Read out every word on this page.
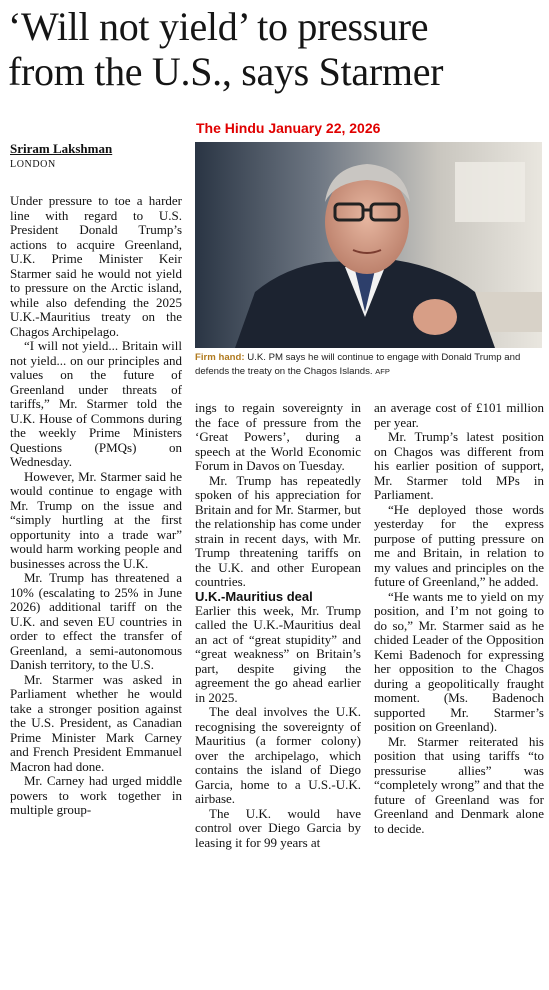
‘Will not yield’ to pressure
from the U.S., says Starmer
The Hindu January 22, 2026
Sriram Lakshman
LONDON
Firm hand: U.K. PM says he will continue to engage with Donald Trump and defends the treaty on the Chagos Islands. AFP

Under pressure to toe a harder line with regard to U.S. President Donald Trump’s actions to acquire Greenland, U.K. Prime Minister Keir Starmer said he would not yield to pressure on the Arctic island, while also defending the 2025 U.K.-Mauritius treaty on the Chagos Archipelago.

“I will not yield... Britain will not yield... on our principles and values on the future of Greenland under threats of tariffs,” Mr. Starmer told the U.K. House of Commons during the weekly Prime Ministers Questions (PMQs) on Wednesday.

However, Mr. Starmer said he would continue to engage with Mr. Trump on the issue and “simply hurtling at the first opportunity into a trade war” would harm working people and businesses across the U.K.

Mr. Trump has threatened a 10% (escalating to 25% in June 2026) additional tariff on the U.K. and seven EU countries in order to effect the transfer of Greenland, a semi-autonomous Danish territory, to the U.S.

Mr. Starmer was asked in Parliament whether he would take a stronger position against the U.S. President, as Canadian Prime Minister Mark Carney and French President Emmanuel Macron had done.

Mr. Carney had urged middle powers to work together in multiple group-

ings to regain sovereignty in the face of pressure from the ‘Great Powers’, during a speech at the World Economic Forum in Davos on Tuesday.

Mr. Trump has repeatedly spoken of his appreciation for Britain and for Mr. Starmer, but the relationship has come under strain in recent days, with Mr. Trump threatening tariffs on the U.K. and other European countries.

U.K.-Mauritius deal

Earlier this week, Mr. Trump called the U.K.-Mauritius deal an act of “great stupidity” and “great weakness” on Britain’s part, despite giving the agreement the go ahead earlier in 2025.

The deal involves the U.K. recognising the sovereignty of Mauritius (a former colony) over the archipelago, which contains the island of Diego Garcia, home to a U.S.-U.K. airbase.

The U.K. would have control over Diego Garcia by leasing it for 99 years at

an average cost of £101 million per year.

Mr. Trump’s latest position on Chagos was different from his earlier position of support, Mr. Starmer told MPs in Parliament.

“He deployed those words yesterday for the express purpose of putting pressure on me and Britain, in relation to my values and principles on the future of Greenland,” he added.

“He wants me to yield on my position, and I’m not going to do so,” Mr. Starmer said as he chided Leader of the Opposition Kemi Badenoch for expressing her opposition to the Chagos during a geopolitically fraught moment. (Ms. Badenoch supported Mr. Starmer’s position on Greenland).

Mr. Starmer reiterated his position that using tariffs “to pressurise allies” was “completely wrong” and that the future of Greenland was for Greenland and Denmark alone to decide.
